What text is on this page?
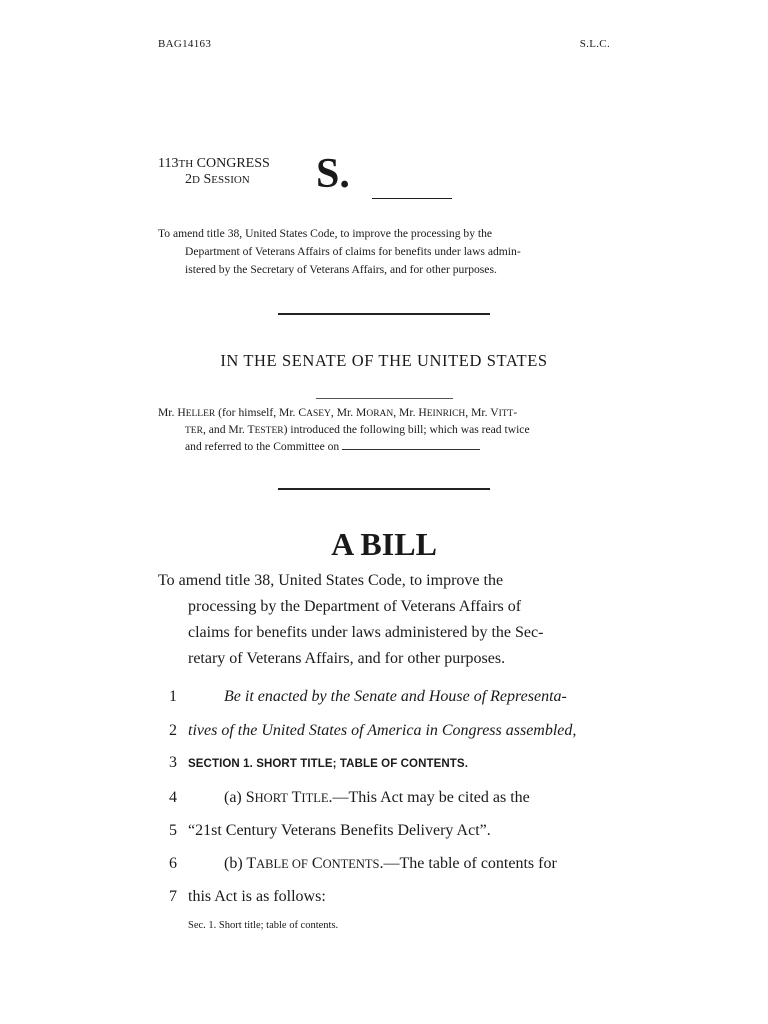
BAG14163	S.L.C.
113TH CONGRESS
2D SESSION S.
To amend title 38, United States Code, to improve the processing by the
Department of Veterans Affairs of claims for benefits under laws admin-
istered by the Secretary of Veterans Affairs, and for other purposes.
IN THE SENATE OF THE UNITED STATES
Mr. HELLER (for himself, Mr. CASEY, Mr. MORAN, Mr. HEINRICH, Mr. VITT-
TER, and Mr. TESTER) introduced the following bill; which was read twice
and referred to the Committee on
A BILL
To amend title 38, United States Code, to improve the
processing by the Department of Veterans Affairs of
claims for benefits under laws administered by the Sec-
retary of Veterans Affairs, and for other purposes.
1	Be it enacted by the Senate and House of Representa-
2 tives of the United States of America in Congress assembled,
3 SECTION 1. SHORT TITLE; TABLE OF CONTENTS.
4	(a) SHORT TITLE.—This Act may be cited as the
5 “21st Century Veterans Benefits Delivery Act”.
6	(b) TABLE OF CONTENTS.—The table of contents for
7 this Act is as follows:
Sec. 1. Short title; table of contents.
